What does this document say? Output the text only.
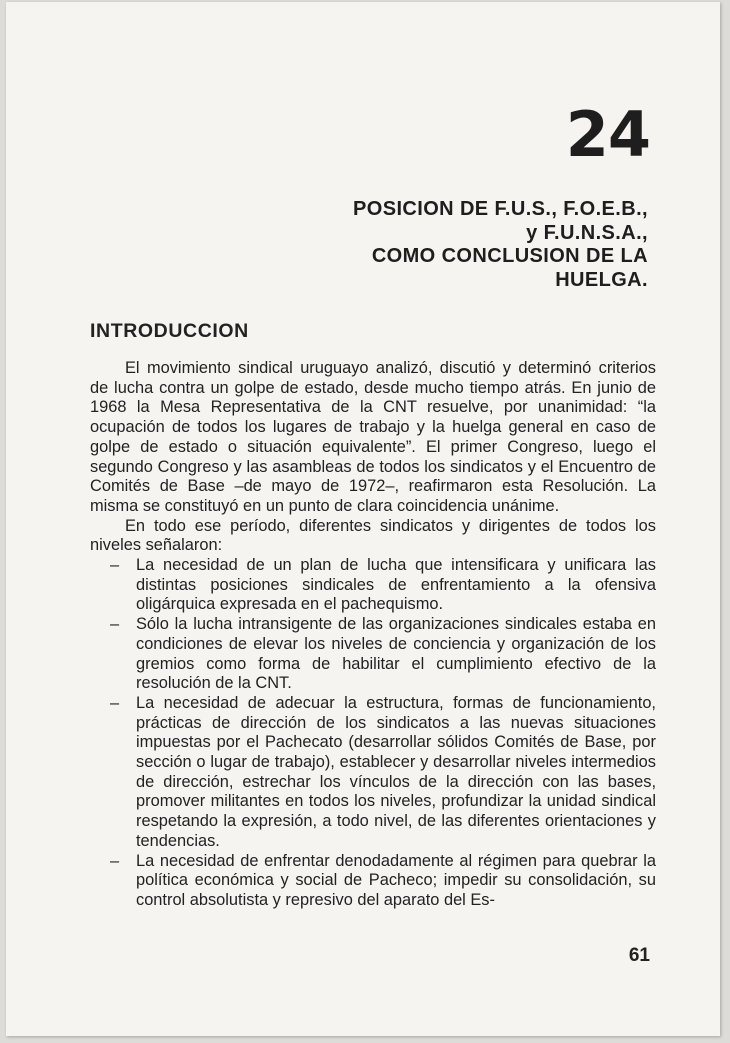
24
POSICION DE F.U.S., F.O.E.B.,
y F.U.N.S.A.,
COMO CONCLUSION DE LA
HUELGA.
INTRODUCCION

El movimiento sindical uruguayo analizó, discutió y determinó criterios de lucha contra un golpe de estado, desde mucho tiempo atrás. En junio de 1968 la Mesa Representativa de la CNT resuelve, por unanimidad: “la ocupación de todos los lugares de trabajo y la huelga general en caso de golpe de estado o situación equivalente”. El primer Congreso, luego el segundo Congreso y las asambleas de todos los sindicatos y el Encuentro de Comités de Base –de mayo de 1972–, reafirmaron esta Resolución. La misma se constituyó en un punto de clara coincidencia unánime.

En todo ese período, diferentes sindicatos y dirigentes de todos los niveles señalaron:

– La necesidad de un plan de lucha que intensificara y unificara las distintas posiciones sindicales de enfrentamiento a la ofensiva oligárquica expresada en el pachequismo.
– Sólo la lucha intransigente de las organizaciones sindicales estaba en condiciones de elevar los niveles de conciencia y organización de los gremios como forma de habilitar el cumplimiento efectivo de la resolución de la CNT.
– La necesidad de adecuar la estructura, formas de funcionamiento, prácticas de dirección de los sindicatos a las nuevas situaciones impuestas por el Pachecato (desarrollar sólidos Comités de Base, por sección o lugar de trabajo), establecer y desarrollar niveles intermedios de dirección, estrechar los vínculos de la dirección con las bases, promover militantes en todos los niveles, profundizar la unidad sindical respetando la expresión, a todo nivel, de las diferentes orientaciones y tendencias.
– La necesidad de enfrentar denodadamente al régimen para quebrar la política económica y social de Pacheco; impedir su consolidación, su control absolutista y represivo del aparato del Es-
61
